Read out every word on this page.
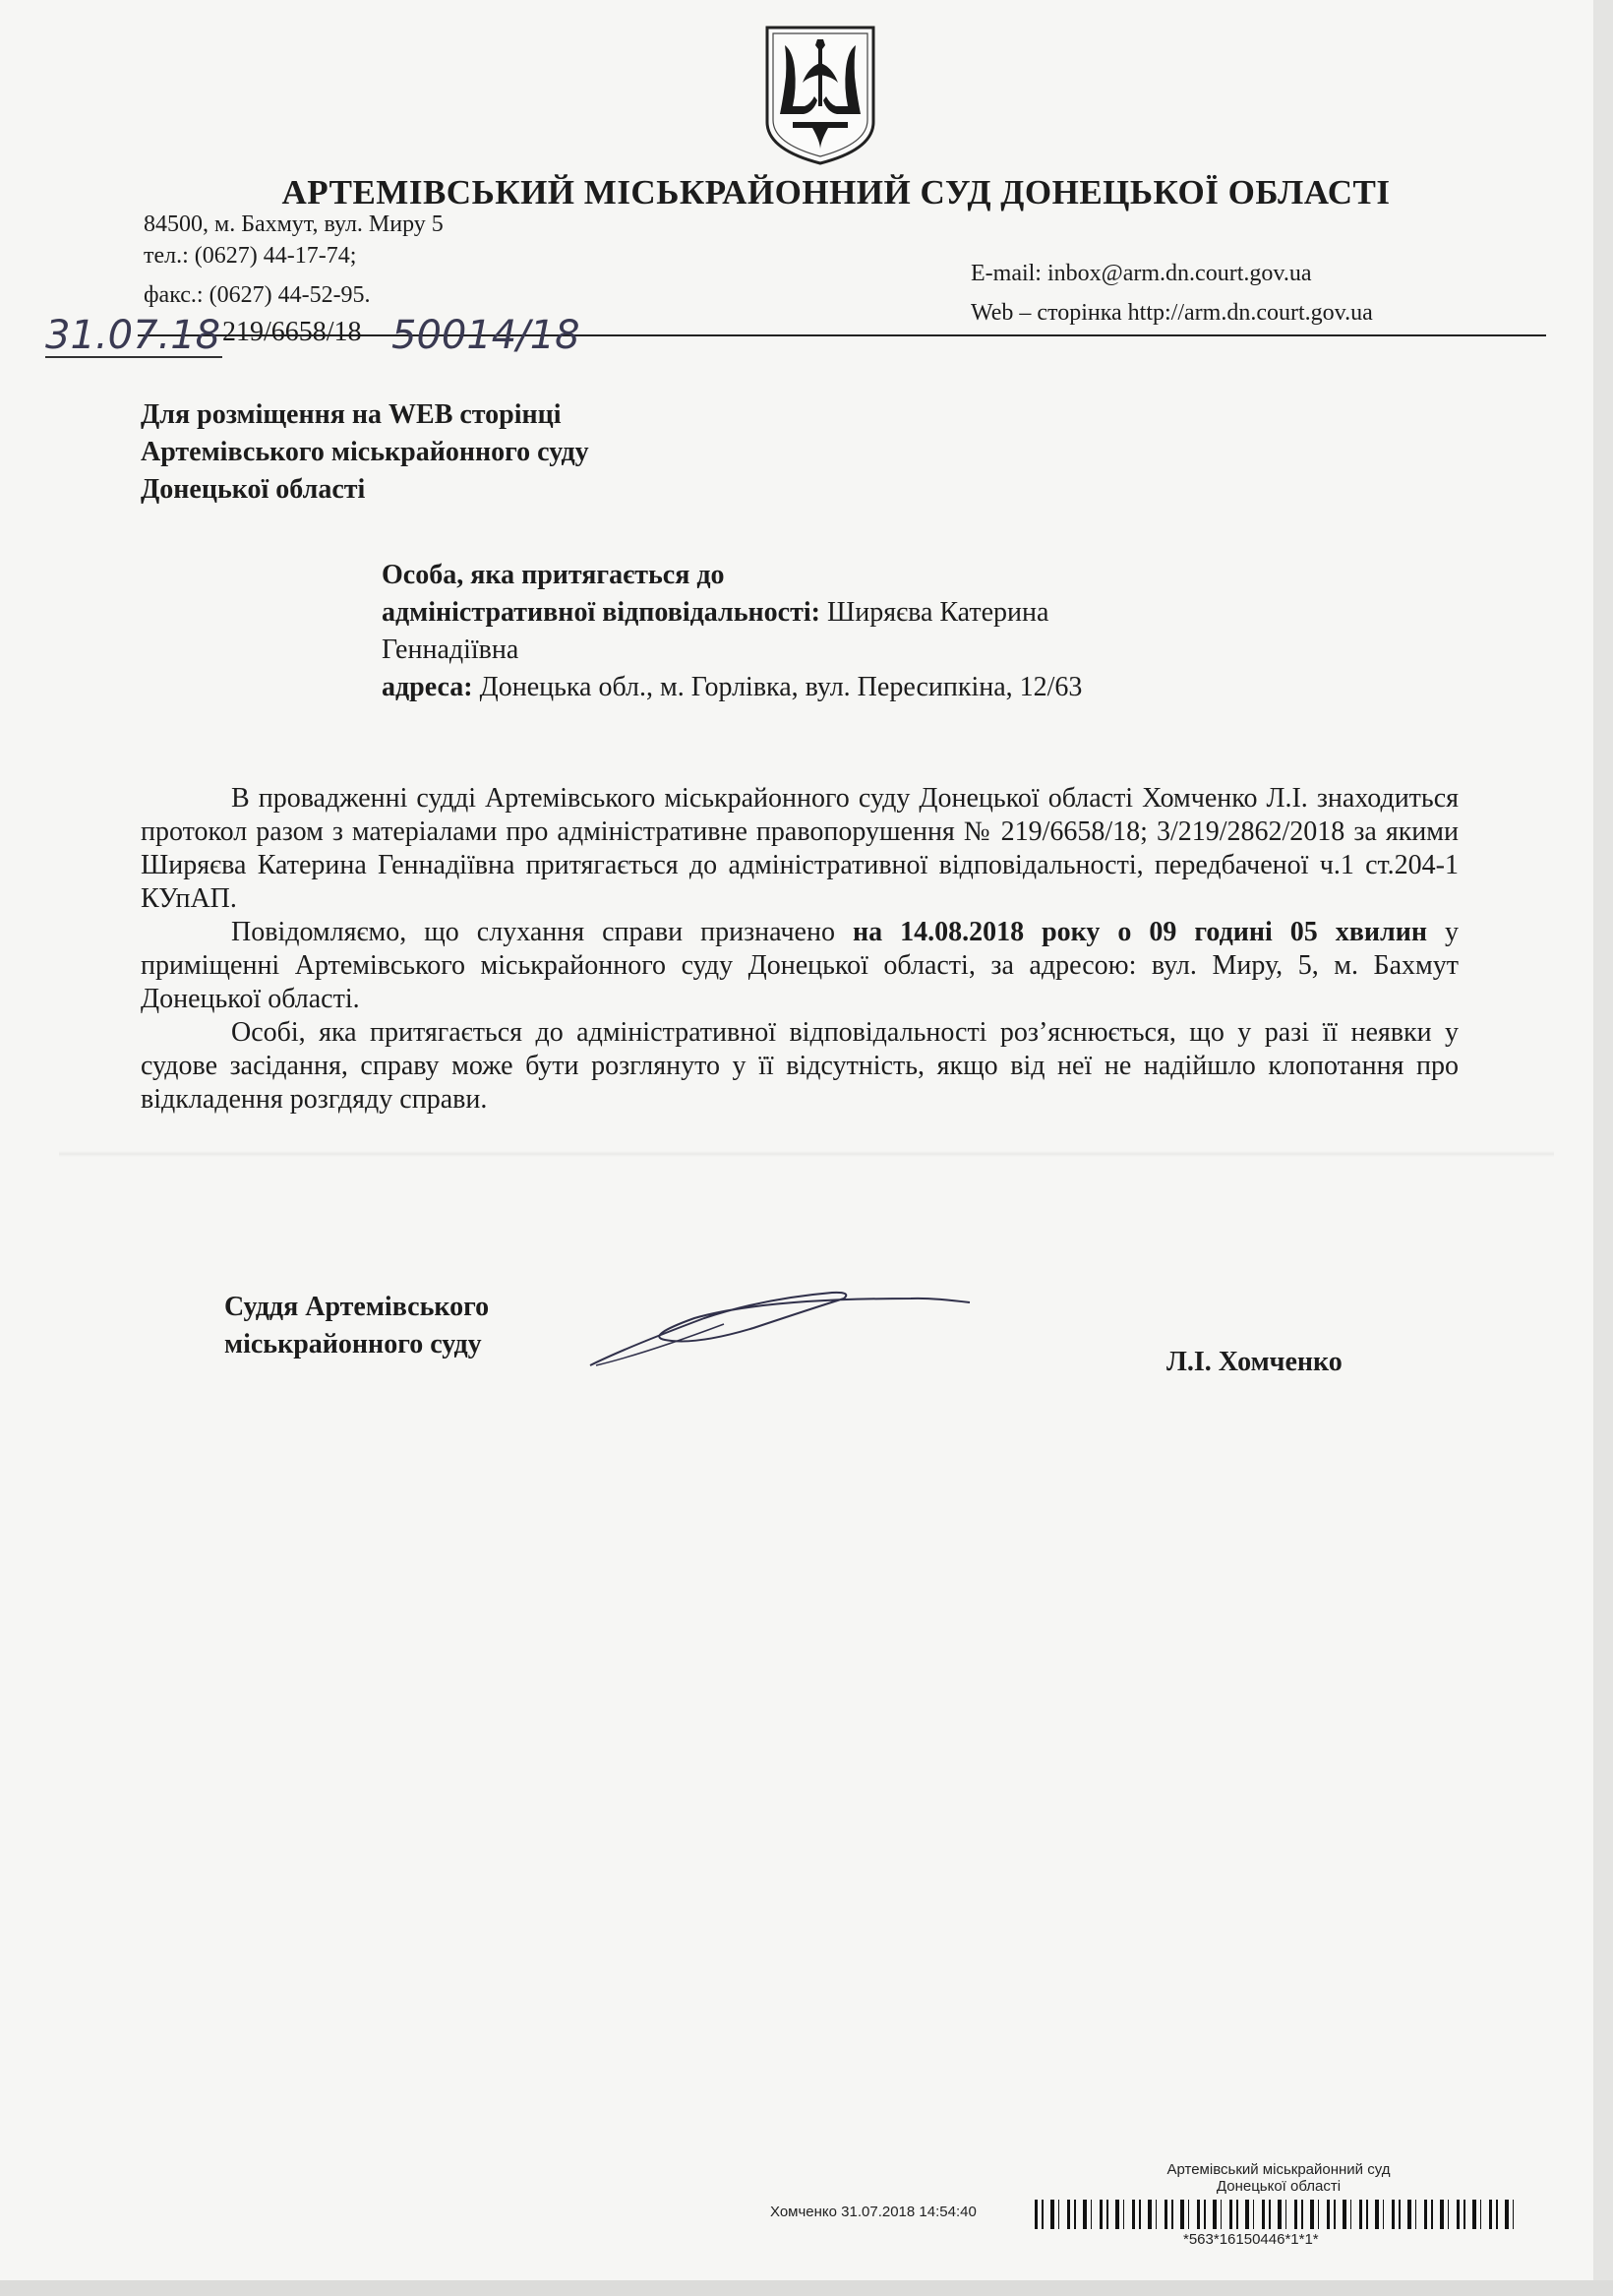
АРТЕМІВСЬКИЙ МІСЬКРАЙОННИЙ СУД ДОНЕЦЬКОЇ ОБЛАСТІ
84500, м. Бахмут, вул. Миру 5
тел.: (0627) 44-17-74;
факс.: (0627) 44-52-95.
E-mail: inbox@arm.dn.court.gov.ua
Web – сторінка http://arm.dn.court.gov.ua
31.07.18 219/6658/18 50014/18
Для розміщення на WEB сторінці
Артемівського міськрайонного суду
Донецької області
Особа, яка притягається до
адміністративної відповідальності: Ширяєва Катерина
Геннадіївна
адреса: Донецька обл., м. Горлівка, вул. Пересипкіна, 12/63

В провадженні судді Артемівського міськрайонного суду Донецької області Хомченко Л.І. знаходиться протокол разом з матеріалами про адміністративне правопорушення № 219/6658/18; 3/219/2862/2018 за якими Ширяєва Катерина Геннадіївна притягається до адміністративної відповідальності, передбаченої ч.1 ст.204-1 КУпАП.

Повідомляємо, що слухання справи призначено на 14.08.2018 року о 09 годині 05 хвилин у приміщенні Артемівського міськрайонного суду Донецької області, за адресою: вул. Миру, 5, м. Бахмут Донецької області.

Особі, яка притягається до адміністративної відповідальності роз’яснюється, що у разі її неявки у судове засідання, справу може бути розглянуто у її відсутність, якщо від неї не надійшло клопотання про відкладення розгдяду справи.

Суддя Артемівського
міськрайонного суду
Л.І. Хомченко
Артемівський міськрайонний суд
Донецької області
Хомченко 31.07.2018 14:54:40
*563*16150446*1*1*
